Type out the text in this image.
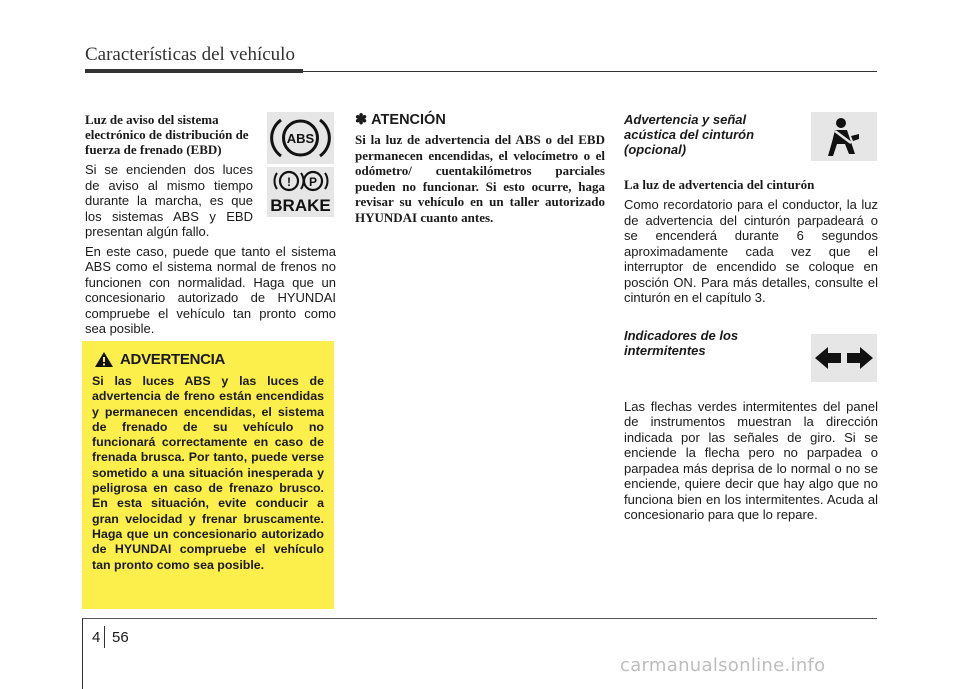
Características del vehículo
Luz de aviso del sistema electrónico de distribución de fuerza de frenado (EBD)

Si se encienden dos luces de aviso al mismo tiempo durante la marcha, es que los sistemas ABS y EBD presentan algún fallo.

En este caso, puede que tanto el sistema ABS como el sistema normal de frenos no funcionen con normalidad. Haga que un concesionario autorizado de HYUNDAI compruebe el vehículo tan pronto como sea posible.

ABS
! P
BRAKE
ADVERTENCIA
Si las luces ABS y las luces de advertencia de freno están encendidas y permanecen encendidas, el sistema de frenado de su vehículo no funcionará correctamente en caso de frenada brusca. Por tanto, puede verse sometido a una situación inesperada y peligrosa en caso de frenazo brusco. En esta situación, evite conducir a gran velocidad y frenar bruscamente. Haga que un concesionario autorizado de HYUNDAI compruebe el vehículo tan pronto como sea posible.
✽ ATENCIÓN
Si la luz de advertencia del ABS o del EBD permanecen encendidas, el velocímetro o el odómetro/ cuentakilómetros parciales pueden no funcionar. Si esto ocurre, haga revisar su vehículo en un taller autorizado HYUNDAI cuanto antes.
Advertencia y señal acústica del cinturón (opcional)
La luz de advertencia del cinturón

Como recordatorio para el conductor, la luz de advertencia del cinturón parpadeará o se encenderá durante 6 segundos aproximadamente cada vez que el interruptor de encendido se coloque en posción ON. Para más detalles, consulte el cinturón en el capítulo 3.

Indicadores de los intermitentes

Las flechas verdes intermitentes del panel de instrumentos muestran la dirección indicada por las señales de giro. Si se enciende la flecha pero no parpadea o parpadea más deprisa de lo normal o no se enciende, quiere decir que hay algo que no funciona bien en los intermitentes. Acuda al concesionario para que lo repare.

4 56
carmanualsonline.info
